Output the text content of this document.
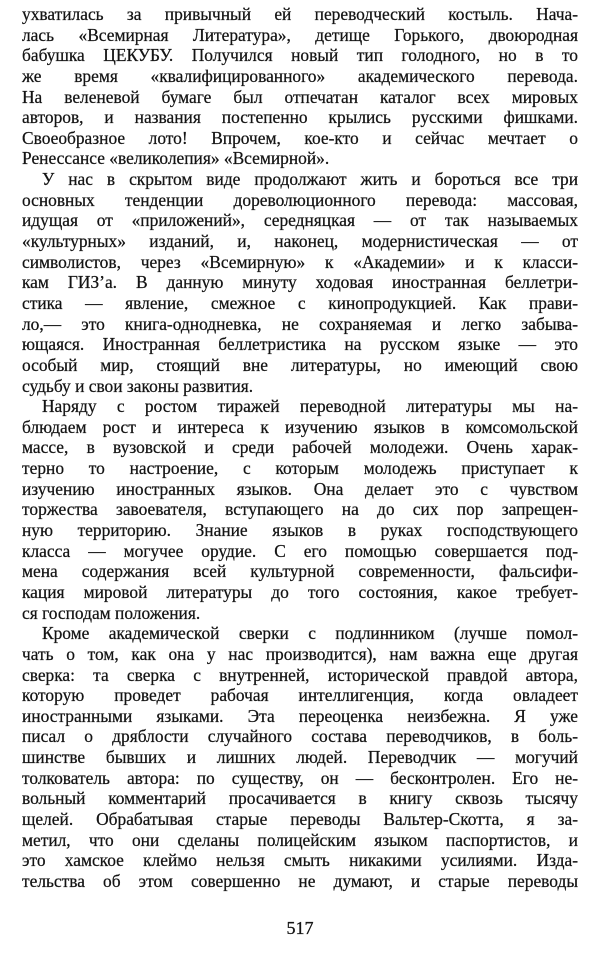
ухватилась за привычный ей переводческий костыль. Нача-
лась «Всемирная Литература», детище Горького, двоюродная
бабушка ЦЕКУБУ. Получился новый тип голодного, но в то
же время «квалифицированного» академического перевода.
На веленевой бумаге был отпечатан каталог всех мировых
авторов, и названия постепенно крылись русскими фишками.
Своеобразное лото! Впрочем, кое-кто и сейчас мечтает о
Ренессансе «великолепия» «Всемирной».
У нас в скрытом виде продолжают жить и бороться все три
основных тенденции дореволюционного перевода: массовая,
идущая от «приложений», середняцкая — от так называемых
«культурных» изданий, и, наконец, модернистическая — от
символистов, через «Всемирную» к «Академии» и к класси-
кам ГИЗ’а. В данную минуту ходовая иностранная беллетри-
стика — явление, смежное с кинопродукцией. Как прави-
ло,— это книга-однодневка, не сохраняемая и легко забыва-
ющаяся. Иностранная беллетристика на русском языке — это
особый мир, стоящий вне литературы, но имеющий свою
судьбу и свои законы развития.
Наряду с ростом тиражей переводной литературы мы на-
блюдаем рост и интереса к изучению языков в комсомольской
массе, в вузовской и среди рабочей молодежи. Очень харак-
терно то настроение, с которым молодежь приступает к
изучению иностранных языков. Она делает это с чувством
торжества завоевателя, вступающего на до сих пор запрещен-
ную территорию. Знание языков в руках господствующего
класса — могучее орудие. С его помощью совершается под-
мена содержания всей культурной современности, фальсифи-
кация мировой литературы до того состояния, какое требует-
ся господам положения.
Кроме академической сверки с подлинником (лучше помол-
чать о том, как она у нас производится), нам важна еще другая
сверка: та сверка с внутренней, исторической правдой автора,
которую проведет рабочая интеллигенция, когда овладеет
иностранными языками. Эта переоценка неизбежна. Я уже
писал о дряблости случайного состава переводчиков, в боль-
шинстве бывших и лишних людей. Переводчик — могучий
толкователь автора: по существу, он — бесконтролен. Его не-
вольный комментарий просачивается в книгу сквозь тысячу
щелей. Обрабатывая старые переводы Вальтер-Скотта, я за-
метил, что они сделаны полицейским языком паспортистов, и
это хамское клеймо нельзя смыть никакими усилиями. Изда-
тельства об этом совершенно не думают, и старые переводы
517
